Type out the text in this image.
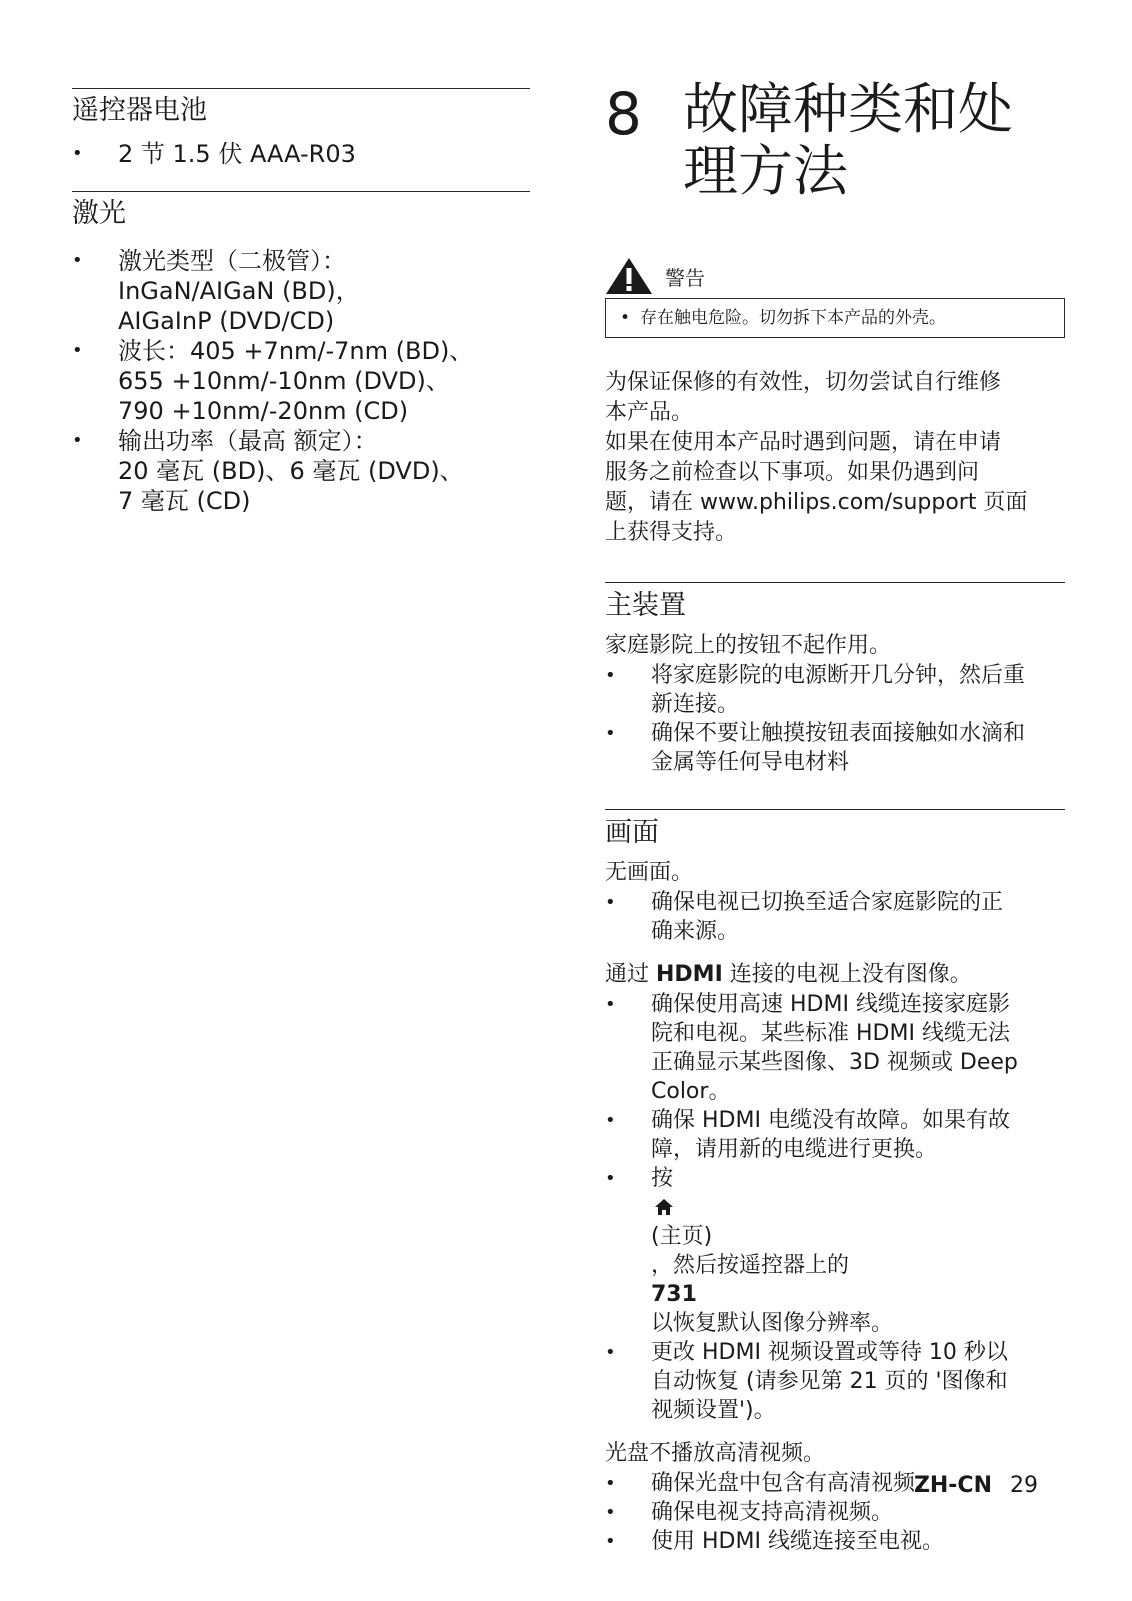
遥控器电池
• 2 节 1.5 伏 AAA-R03
激光
• 激光类型（二极管）：
InGaN/AIGaN (BD)，
AIGaInP (DVD/CD)
• 波长：405 +7nm/-7nm (BD)、
655 +10nm/-10nm (DVD)、
790 +10nm/-20nm (CD)
• 输出功率（最高 额定）：
20 毫瓦 (BD)、6 毫瓦 (DVD)、
7 毫瓦 (CD)
8 故障种类和处
理方法
警告
• 存在触电危险。切勿拆下本产品的外壳。

为保证保修的有效性，切勿尝试自行维修
本产品。

如果在使用本产品时遇到问题，请在申请
服务之前检查以下事项。如果仍遇到问
题，请在 www.philips.com/support 页面
上获得支持。

主装置

家庭影院上的按钮不起作用。

• 将家庭影院的电源断开几分钟，然后重
新连接。
• 确保不要让触摸按钮表面接触如水滴和
金属等任何导电材料
画面

无画面。

• 确保电视已切换至适合家庭影院的正
确来源。

通过 HDMI 连接的电视上没有图像。

• 确保使用高速 HDMI 线缆连接家庭影
院和电视。某些标准 HDMI 线缆无法
正确显示某些图像、3D 视频或 Deep
Color。
• 确保 HDMI 电缆没有故障。如果有故
障，请用新的电缆进行更换。
• 按
(主页)
，然后按遥控器上的
731
以恢复默认图像分辨率。
• 更改 HDMI 视频设置或等待 10 秒以
自动恢复 (请参见第 21 页的 '图像和
视频设置')。

光盘不播放高清视频。

• 确保光盘中包含有高清视频。
• 确保电视支持高清视频。
• 使用 HDMI 线缆连接至电视。
ZH-CN 29
